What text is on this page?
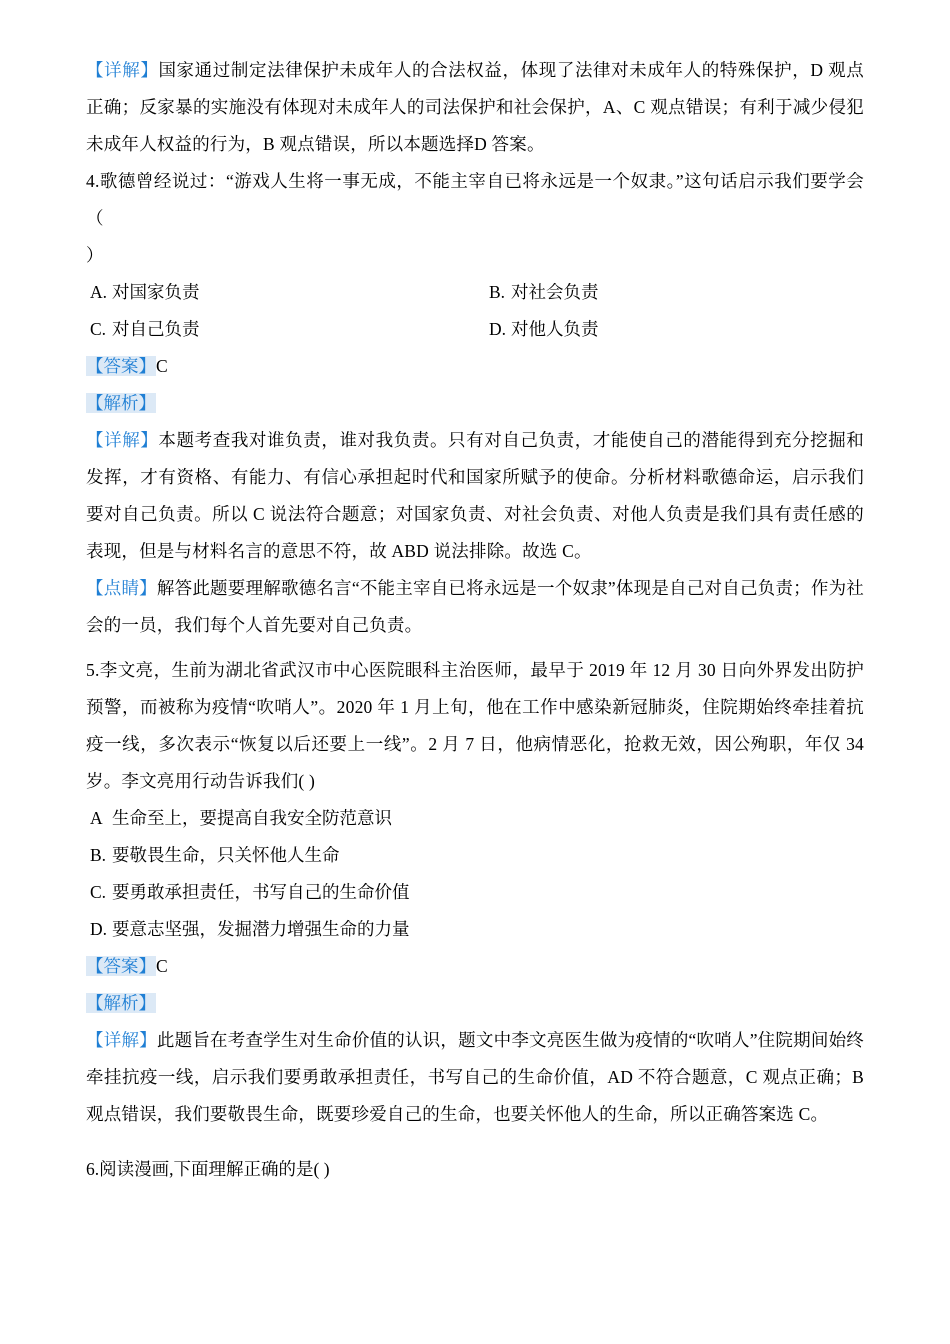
【详解】国家通过制定法律保护未成年人的合法权益，体现了法律对未成年人的特殊保护，D 观点正确；反家暴的实施没有体现对未成年人的司法保护和社会保护，A、C 观点错误；有利于减少侵犯未成年人权益的行为，B 观点错误，所以本题选择D 答案。

4.歌德曾经说过：“游戏人生将一事无成，不能主宰自已将永远是一个奴隶。”这句话启示我们要学会（

）

A. 对国家负责	B. 对社会负责
C. 对自己负责	D. 对他人负责

【答案】C

【解析】

【详解】本题考查我对谁负责，谁对我负责。只有对自己负责，才能使自己的潜能得到充分挖掘和发挥，才有资格、有能力、有信心承担起时代和国家所赋予的使命。分析材料歌德命运，启示我们要对自己负责。所以 C 说法符合题意；对国家负责、对社会负责、对他人负责是我们具有责任感的表现，但是与材料名言的意思不符，故 ABD 说法排除。故选 C。

【点睛】解答此题要理解歌德名言“不能主宰自已将永远是一个奴隶”体现是自己对自己负责；作为社会的一员，我们每个人首先要对自己负责。

5.李文亮，生前为湖北省武汉市中心医院眼科主治医师，最早于 2019 年 12 月 30 日向外界发出防护预警，而被称为疫情“吹哨人”。2020 年 1 月上旬，他在工作中感染新冠肺炎，住院期始终牵挂着抗疫一线，多次表示“恢复以后还要上一线”。2 月 7 日，他病情恶化，抢救无效，因公殉职，年仅 34 岁。李文亮用行动告诉我们( )

A 生命至上，要提高自我安全防范意识
B. 要敬畏生命，只关怀他人生命
C. 要勇敢承担责任，书写自己的生命价值
D. 要意志坚强，发掘潜力增强生命的力量

【答案】C

【解析】

【详解】此题旨在考查学生对生命价值的认识，题文中李文亮医生做为疫情的“吹哨人”住院期间始终牵挂抗疫一线，启示我们要勇敢承担责任，书写自己的生命价值，AD 不符合题意，C 观点正确；B 观点错误，我们要敬畏生命，既要珍爱自己的生命，也要关怀他人的生命，所以正确答案选 C。

6.阅读漫画,下面理解正确的是( )
